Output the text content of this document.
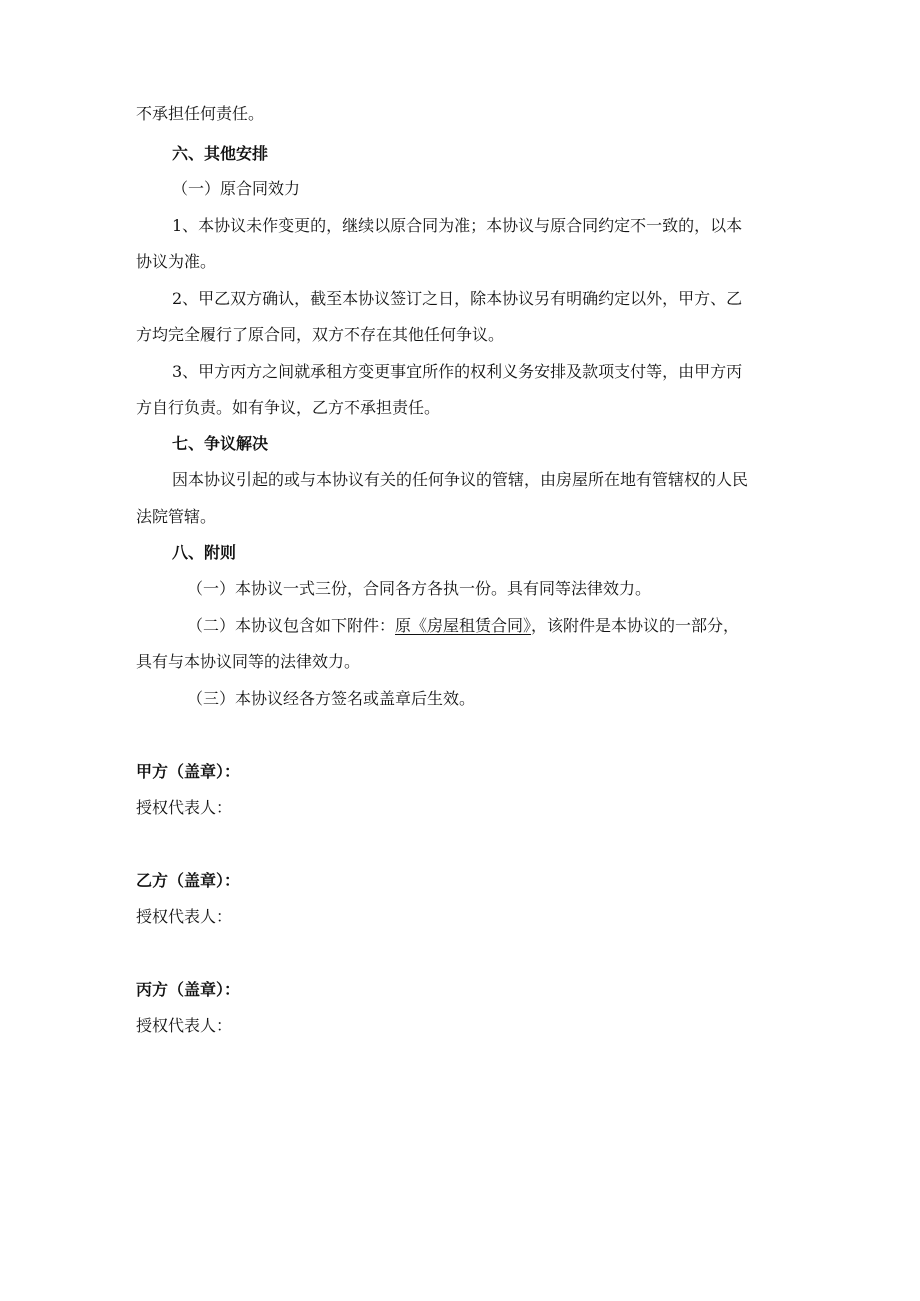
不承担任何责任。
六、其他安排
（一）原合同效力
1、本协议未作变更的，继续以原合同为准；本协议与原合同约定不一致的，以本
协议为准。
2、甲乙双方确认，截至本协议签订之日，除本协议另有明确约定以外，甲方、乙
方均完全履行了原合同，双方不存在其他任何争议。
3、甲方丙方之间就承租方变更事宜所作的权利义务安排及款项支付等，由甲方丙
方自行负责。如有争议，乙方不承担责任。
七、争议解决
因本协议引起的或与本协议有关的任何争议的管辖，由房屋所在地有管辖权的人民
法院管辖。
八、附则
（一）本协议一式三份，合同各方各执一份。具有同等法律效力。
（二）本协议包含如下附件：原《房屋租赁合同》，该附件是本协议的一部分，
具有与本协议同等的法律效力。
（三）本协议经各方签名或盖章后生效。
甲方（盖章）：
授权代表人：
乙方（盖章）：
授权代表人：
丙方（盖章）：
授权代表人：
